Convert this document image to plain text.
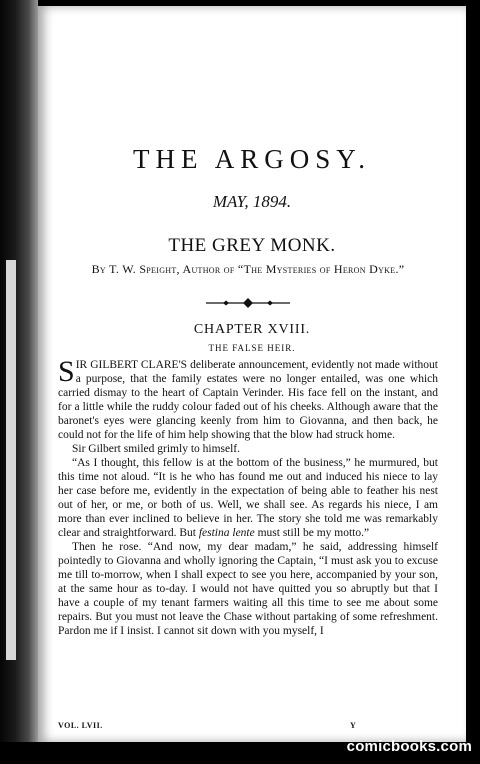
THE ARGOSY.
MAY, 1894.
THE GREY MONK.
By T. W. Speight, Author of “The Mysteries of Heron Dyke.”
CHAPTER XVIII.
THE FALSE HEIR.

SIR GILBERT CLARE'S deliberate announcement, evidently not made without a purpose, that the family estates were no longer entailed, was one which carried dismay to the heart of Captain Verinder. His face fell on the instant, and for a little while the ruddy colour faded out of his cheeks. Although aware that the baronet's eyes were glancing keenly from him to Giovanna, and then back, he could not for the life of him help showing that the blow had struck home.

Sir Gilbert smiled grimly to himself.

“As I thought, this fellow is at the bottom of the business,” he murmured, but this time not aloud. “It is he who has found me out and induced his niece to lay her case before me, evidently in the expectation of being able to feather his nest out of her, or me, or both of us. Well, we shall see. As regards his niece, I am more than ever inclined to believe in her. The story she told me was remarkably clear and straightforward. But festina lente must still be my motto.”

Then he rose. “And now, my dear madam,” he said, addressing himself pointedly to Giovanna and wholly ignoring the Captain, “I must ask you to excuse me till to-morrow, when I shall expect to see you here, accompanied by your son, at the same hour as to-day. I would not have quitted you so abruptly but that I have a couple of my tenant farmers waiting all this time to see me about some repairs. But you must not leave the Chase without partaking of some refreshment. Pardon me if I insist. I cannot sit down with you myself, I

VOL. LVII.	Y
comicbooks.com
